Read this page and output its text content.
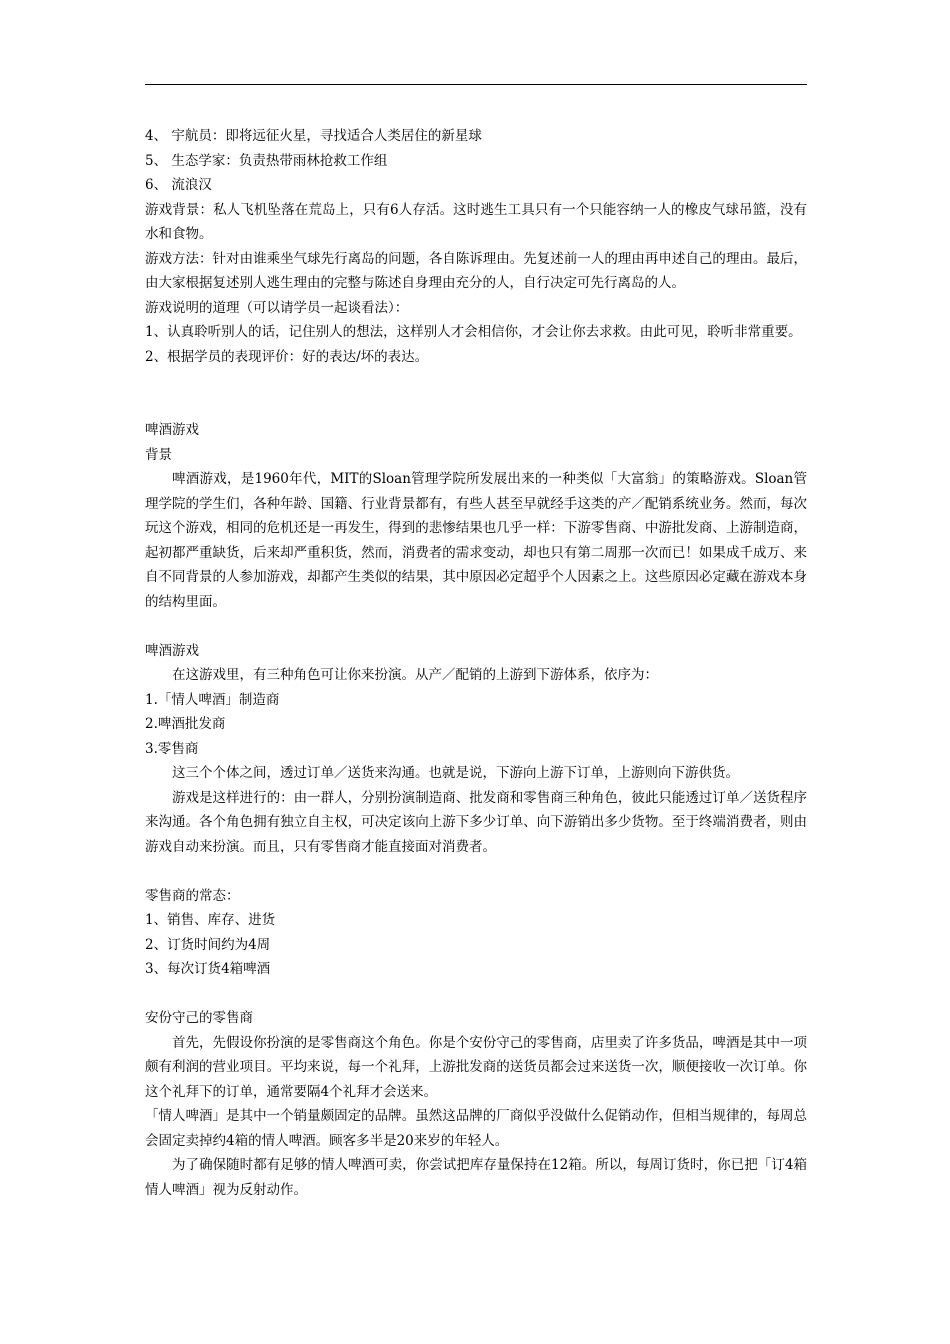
4、 宇航员：即将远征火星，寻找适合人类居住的新星球

5、 生态学家：负责热带雨林抢救工作组

6、 流浪汉

游戏背景：私人飞机坠落在荒岛上，只有6人存活。这时逃生工具只有一个只能容纳一人的橡皮气球吊篮，没有水和食物。

游戏方法：针对由谁乘坐气球先行离岛的问题，各自陈诉理由。先复述前一人的理由再申述自己的理由。最后，由大家根据复述别人逃生理由的完整与陈述自身理由充分的人，自行决定可先行离岛的人。

游戏说明的道理（可以请学员一起谈看法）：

1、认真聆听别人的话，记住别人的想法，这样别人才会相信你，才会让你去求救。由此可见，聆听非常重要。

2、根据学员的表现评价：好的表达/坏的表达。

啤酒游戏

背景

啤酒游戏，是1960年代，MIT的Sloan管理学院所发展出来的一种类似「大富翁」的策略游戏。Sloan管理学院的学生们，各种年龄、国籍、行业背景都有，有些人甚至早就经手这类的产／配销系统业务。然而，每次玩这个游戏，相同的危机还是一再发生，得到的悲惨结果也几乎一样：下游零售商、中游批发商、上游制造商，起初都严重缺货，后来却严重积货，然而，消费者的需求变动，却也只有第二周那一次而已！如果成千成万、来自不同背景的人参加游戏，却都产生类似的结果，其中原因必定超乎个人因素之上。这些原因必定藏在游戏本身的结构里面。

啤酒游戏

在这游戏里，有三种角色可让你来扮演。从产／配销的上游到下游体系，依序为：

1.「情人啤酒」制造商

2.啤酒批发商

3.零售商

这三个个体之间，透过订单／送货来沟通。也就是说，下游向上游下订单，上游则向下游供货。

游戏是这样进行的：由一群人，分别扮演制造商、批发商和零售商三种角色，彼此只能透过订单／送货程序来沟通。各个角色拥有独立自主权，可决定该向上游下多少订单、向下游销出多少货物。至于终端消费者，则由游戏自动来扮演。而且，只有零售商才能直接面对消费者。

零售商的常态：

1、销售、库存、进货

2、订货时间约为4周

3、每次订货4箱啤酒

安份守己的零售商

首先，先假设你扮演的是零售商这个角色。你是个安份守己的零售商，店里卖了许多货品，啤酒是其中一项颇有利润的营业项目。平均来说，每一个礼拜，上游批发商的送货员都会过来送货一次，顺便接收一次订单。你这个礼拜下的订单，通常要隔4个礼拜才会送来。

「情人啤酒」是其中一个销量颇固定的品牌。虽然这品牌的厂商似乎没做什么促销动作，但相当规律的，每周总会固定卖掉约4箱的情人啤酒。顾客多半是20来岁的年轻人。

为了确保随时都有足够的情人啤酒可卖，你尝试把库存量保持在12箱。所以，每周订货时，你已把「订4箱情人啤酒」视为反射动作。
